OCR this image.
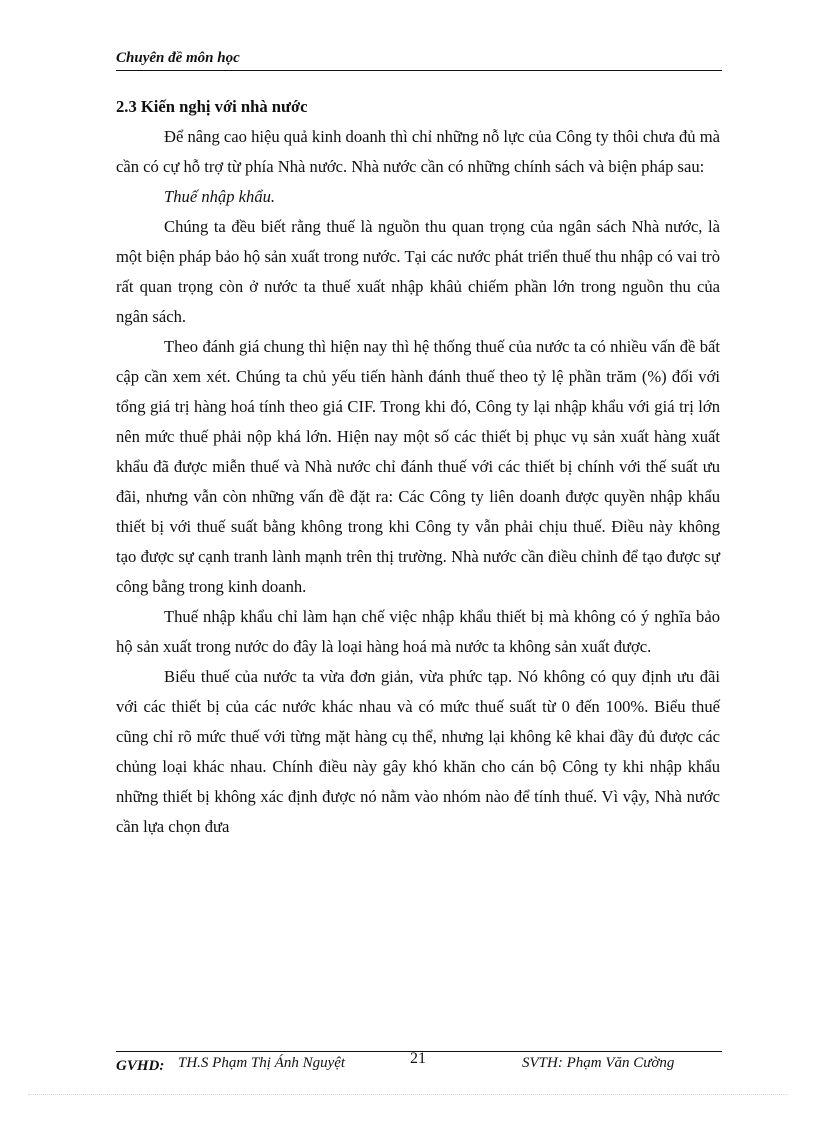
Chuyên đề môn học
2.3 Kiến nghị với nhà nước

Để nâng cao hiệu quả kinh doanh thì chỉ những nỗ lực của Công ty thôi chưa đủ mà cần có cự hỗ trợ từ phía Nhà nước. Nhà nước cần có những chính sách và biện pháp sau:

Thuế nhập khẩu.

Chúng ta đều biết rằng thuế là nguồn thu quan trọng của ngân sách Nhà nước, là một biện pháp bảo hộ sản xuất trong nước. Tại các nước phát triển thuế thu nhập có vai trò rất quan trọng còn ở nước ta thuế xuất nhập khâủ chiếm phần lớn trong nguồn thu của ngân sách.

Theo đánh giá chung thì hiện nay thì hệ thống thuế của nước ta có nhiều vấn đề bất cập cần xem xét. Chúng ta chủ yếu tiến hành đánh thuế theo tỷ lệ phần trăm (%) đối với tổng giá trị hàng hoá tính theo giá CIF. Trong khi đó, Công ty lại nhập khẩu với giá trị lớn nên mức thuế phải nộp khá lớn. Hiện nay một số các thiết bị phục vụ sản xuất hàng xuất khẩu đã được miễn thuế và Nhà nước chỉ đánh thuế với các thiết bị chính với thế suất ưu đãi, nhưng vẫn còn những vấn đề đặt ra: Các Công ty liên doanh được quyền nhập khẩu thiết bị với thuế suất bằng không trong khi Công ty vẫn phải chịu thuế. Điều này không tạo được sự cạnh tranh lành mạnh trên thị trường. Nhà nước cần điều chỉnh để tạo được sự công bằng trong kinh doanh.

Thuế nhập khẩu chỉ làm hạn chế việc nhập khẩu thiết bị mà không có ý nghĩa bảo hộ sản xuất trong nước do đây là loại hàng hoá mà nước ta không sản xuất được.

Biểu thuế của nước ta vừa đơn giản, vừa phức tạp. Nó không có quy định ưu đãi với các thiết bị của các nước khác nhau và có mức thuế suất từ 0 đến 100%. Biểu thuế cũng chỉ rõ mức thuế với từng mặt hàng cụ thể, nhưng lại không kê khai đầy đủ được các chủng loại khác nhau. Chính điều này gây khó khăn cho cán bộ Công ty khi nhập khẩu những thiết bị không xác định được nó nằm vào nhóm nào để tính thuế. Vì vậy, Nhà nước cần lựa chọn đưa

GVHD: TH.S Phạm Thị Ánh Nguyệt	21	SVTH: Phạm Văn Cường
